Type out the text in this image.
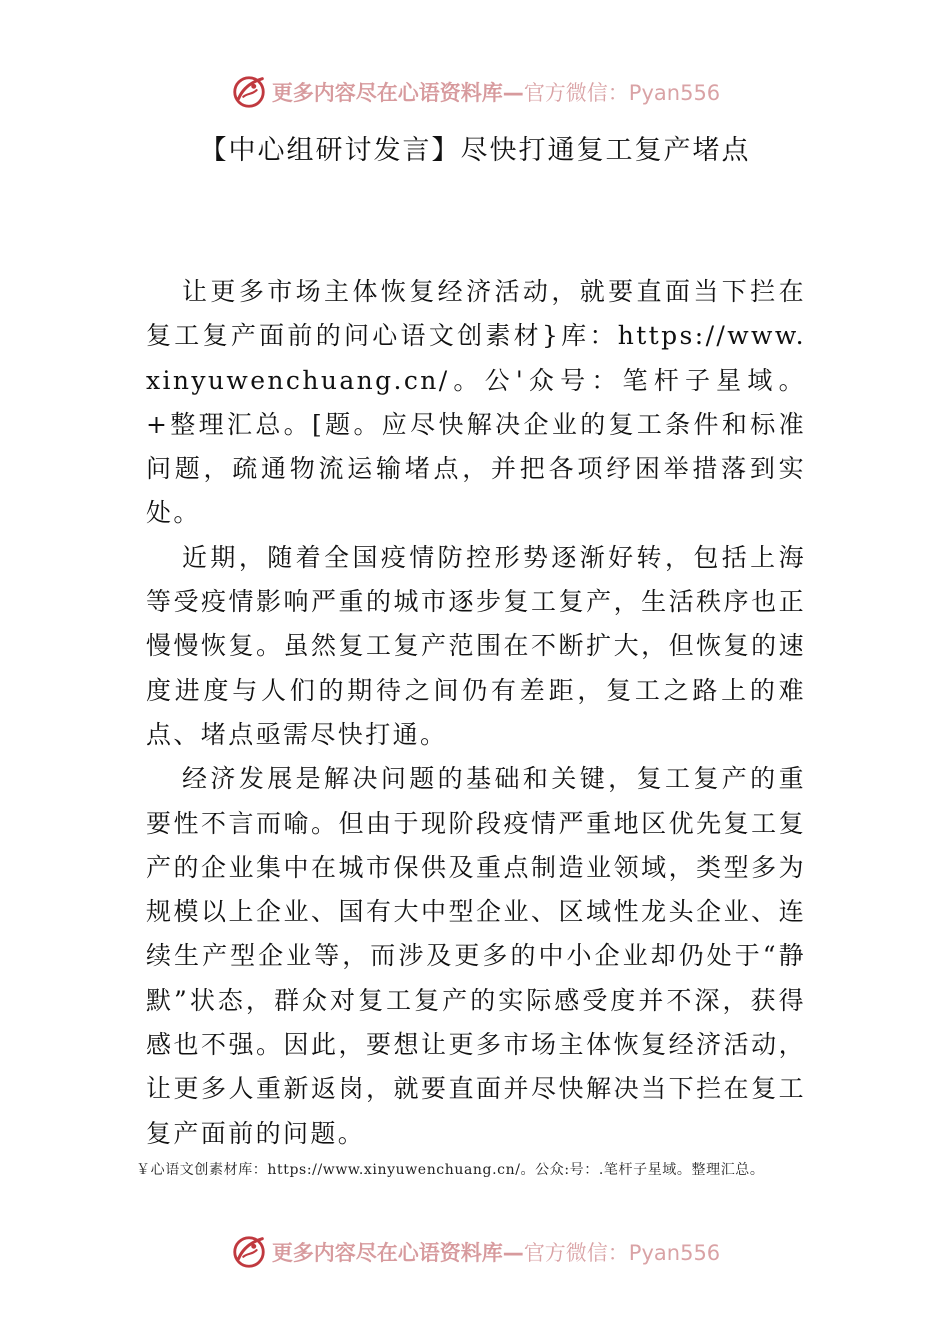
更多内容尽在心语资料库—官方微信：Pyan556
【中心组研讨发言】尽快打通复工复产堵点

让更多市场主体恢复经济活动，就要直面当下拦在复工复产面前的问心语文创素材}库：https://www.xinyuwenchuang.cn/。公'众号：笔杆子星域。+整理汇总。[题。应尽快解决企业的复工条件和标准问题，疏通物流运输堵点，并把各项纾困举措落到实处。

近期，随着全国疫情防控形势逐渐好转，包括上海等受疫情影响严重的城市逐步复工复产，生活秩序也正慢慢恢复。虽然复工复产范围在不断扩大，但恢复的速度进度与人们的期待之间仍有差距，复工之路上的难点、堵点亟需尽快打通。

经济发展是解决问题的基础和关键，复工复产的重要性不言而喻。但由于现阶段疫情严重地区优先复工复产的企业集中在城市保供及重点制造业领域，类型多为规模以上企业、国有大中型企业、区域性龙头企业、连续生产型企业等，而涉及更多的中小企业却仍处于“静默”状态，群众对复工复产的实际感受度并不深，获得感也不强。因此，要想让更多市场主体恢复经济活动，让更多人重新返岗，就要直面并尽快解决当下拦在复工复产面前的问题。

￥心语文创素材库：https://www.xinyuwenchuang.cn/。公众:号：.笔杆子星域。整理汇总。
更多内容尽在心语资料库—官方微信：Pyan556
